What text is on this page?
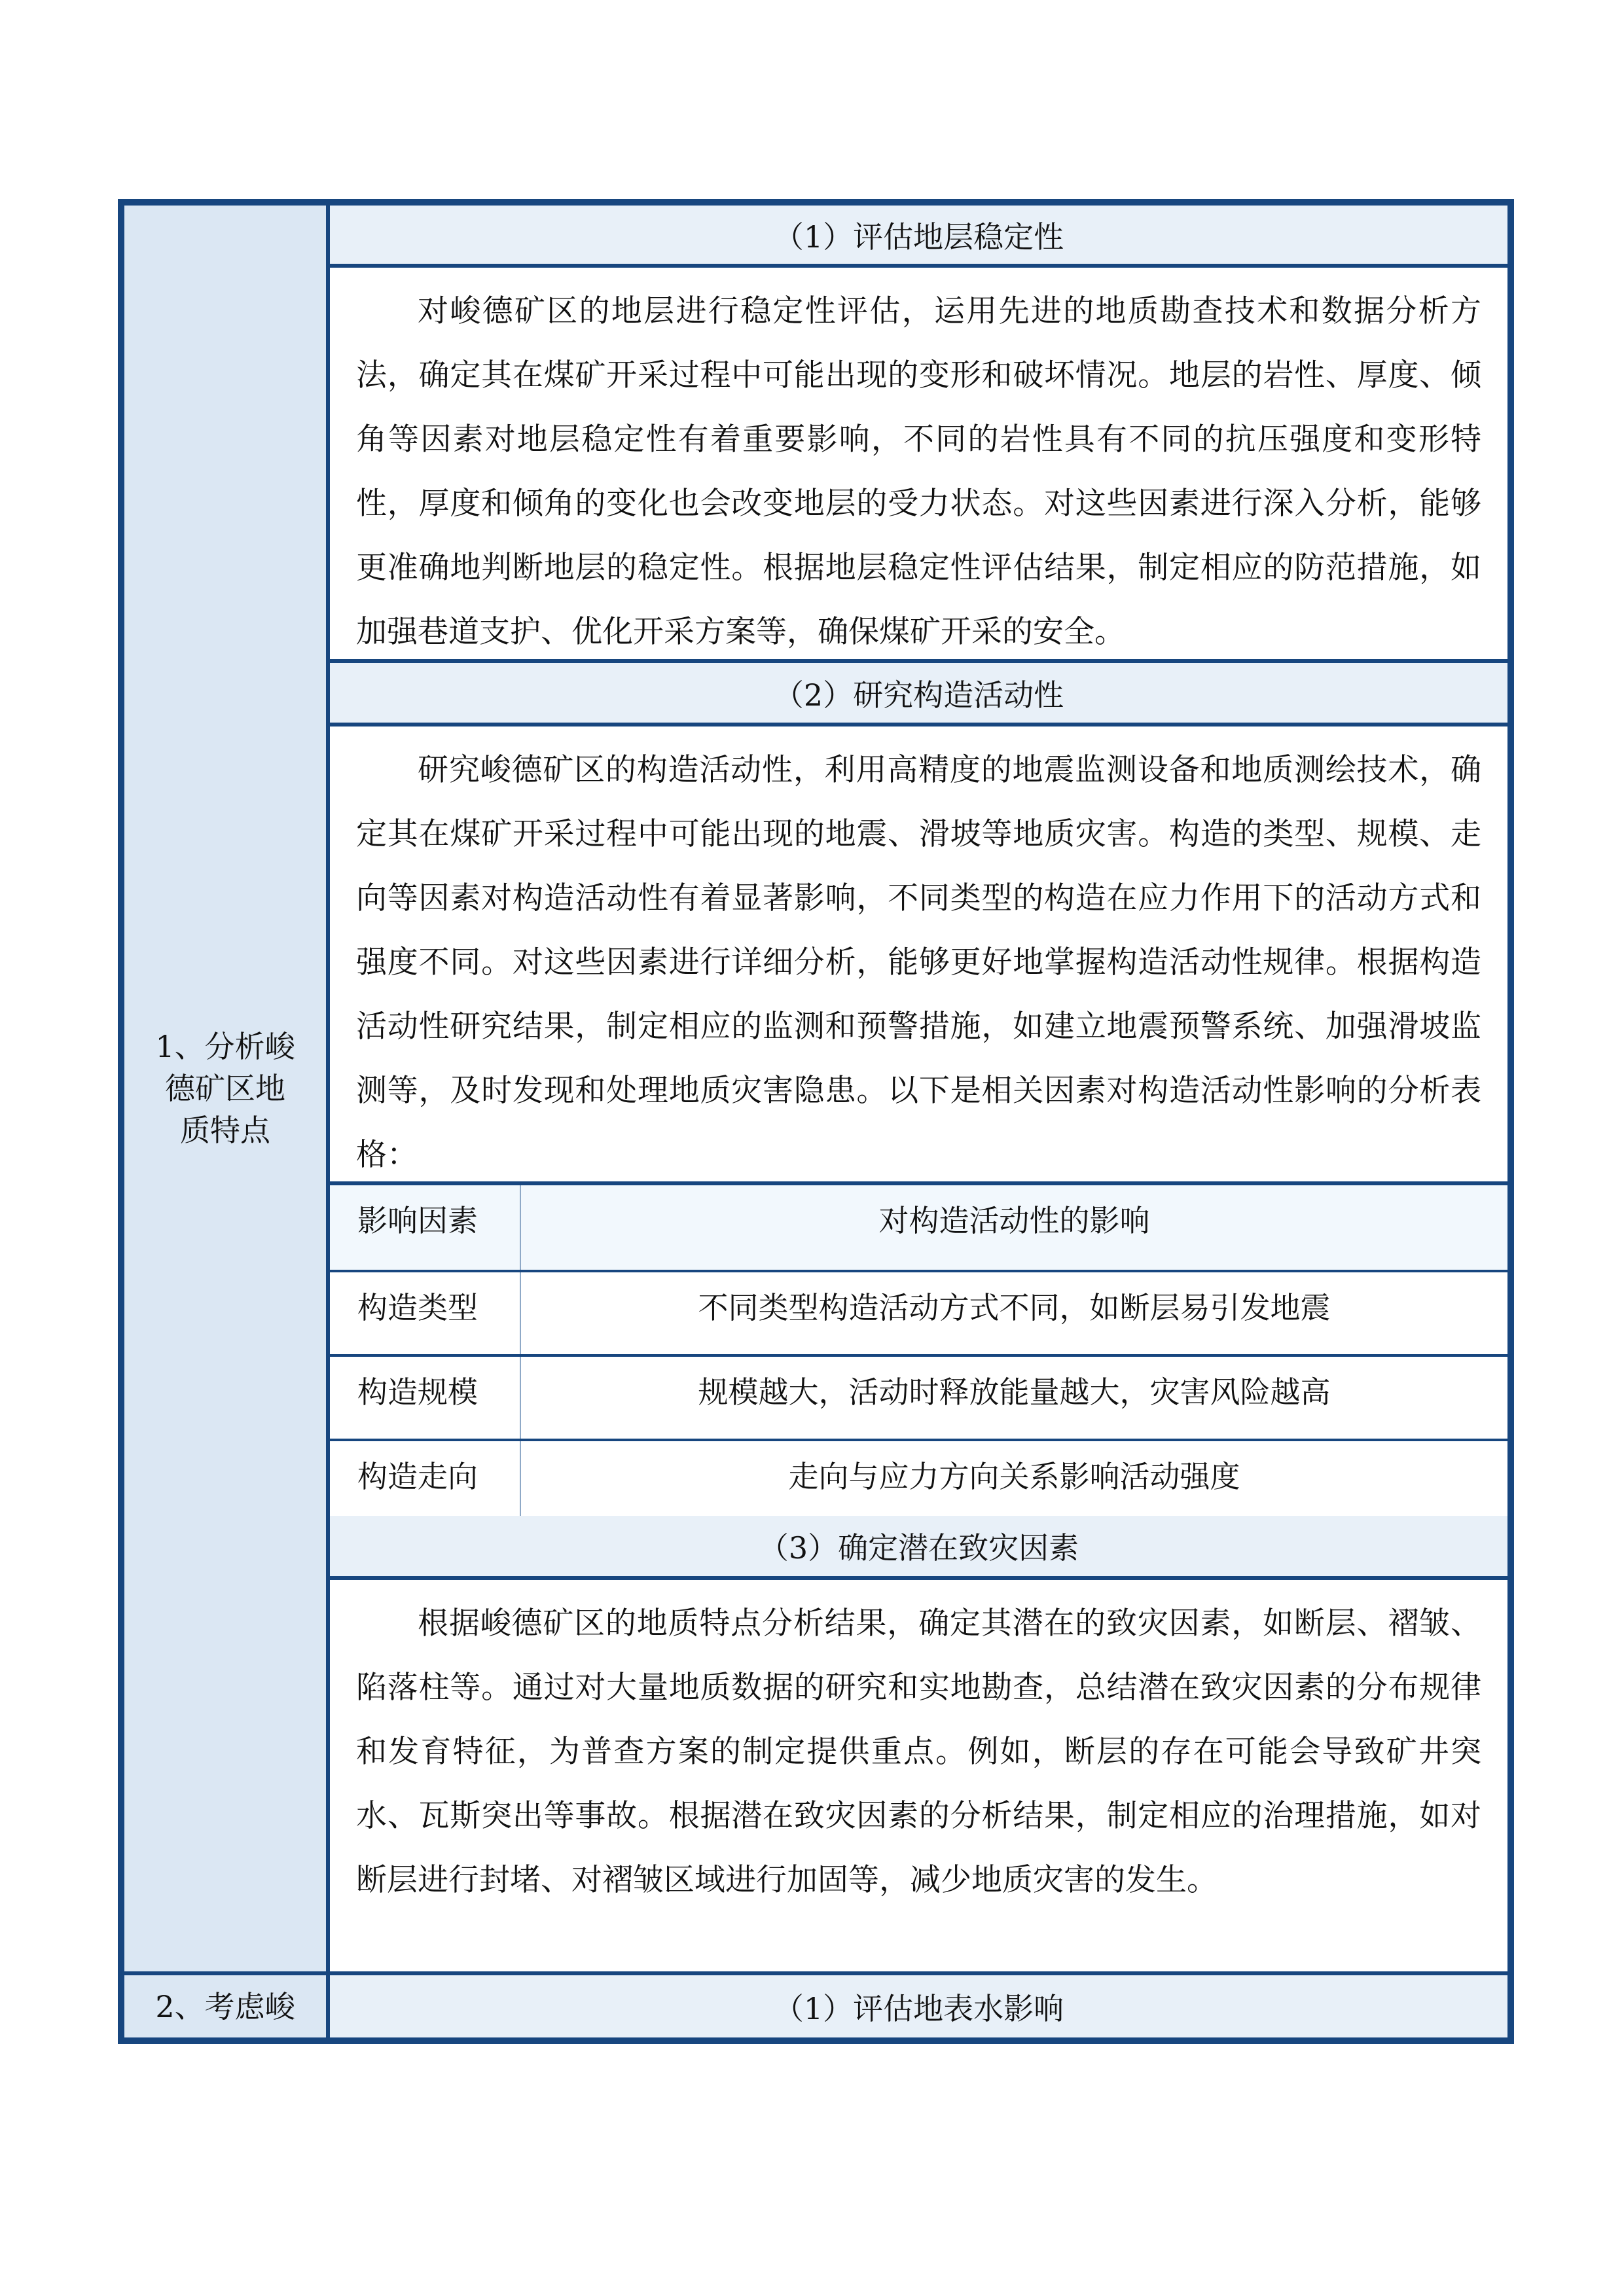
1、分析峻德矿区地质特点
2、考虑峻
（1）评估地层稳定性
对峻德矿区的地层进行稳定性评估，运用先进的地质勘查技术和数据分析方法，确定其在煤矿开采过程中可能出现的变形和破坏情况。地层的岩性、厚度、倾角等因素对地层稳定性有着重要影响，不同的岩性具有不同的抗压强度和变形特性，厚度和倾角的变化也会改变地层的受力状态。对这些因素进行深入分析，能够更准确地判断地层的稳定性。根据地层稳定性评估结果，制定相应的防范措施，如加强巷道支护、优化开采方案等，确保煤矿开采的安全。
（2）研究构造活动性
研究峻德矿区的构造活动性，利用高精度的地震监测设备和地质测绘技术，确定其在煤矿开采过程中可能出现的地震、滑坡等地质灾害。构造的类型、规模、走向等因素对构造活动性有着显著影响，不同类型的构造在应力作用下的活动方式和强度不同。对这些因素进行详细分析，能够更好地掌握构造活动性规律。根据构造活动性研究结果，制定相应的监测和预警措施，如建立地震预警系统、加强滑坡监测等，及时发现和处理地质灾害隐患。以下是相关因素对构造活动性影响的分析表格：
影响因素	对构造活动性的影响
构造类型	不同类型构造活动方式不同，如断层易引发地震
构造规模	规模越大，活动时释放能量越大，灾害风险越高
构造走向	走向与应力方向关系影响活动强度
（3）确定潜在致灾因素
根据峻德矿区的地质特点分析结果，确定其潜在的致灾因素，如断层、褶皱、陷落柱等。通过对大量地质数据的研究和实地勘查，总结潜在致灾因素的分布规律和发育特征，为普查方案的制定提供重点。例如，断层的存在可能会导致矿井突水、瓦斯突出等事故。根据潜在致灾因素的分析结果，制定相应的治理措施，如对断层进行封堵、对褶皱区域进行加固等，减少地质灾害的发生。
（1）评估地表水影响
